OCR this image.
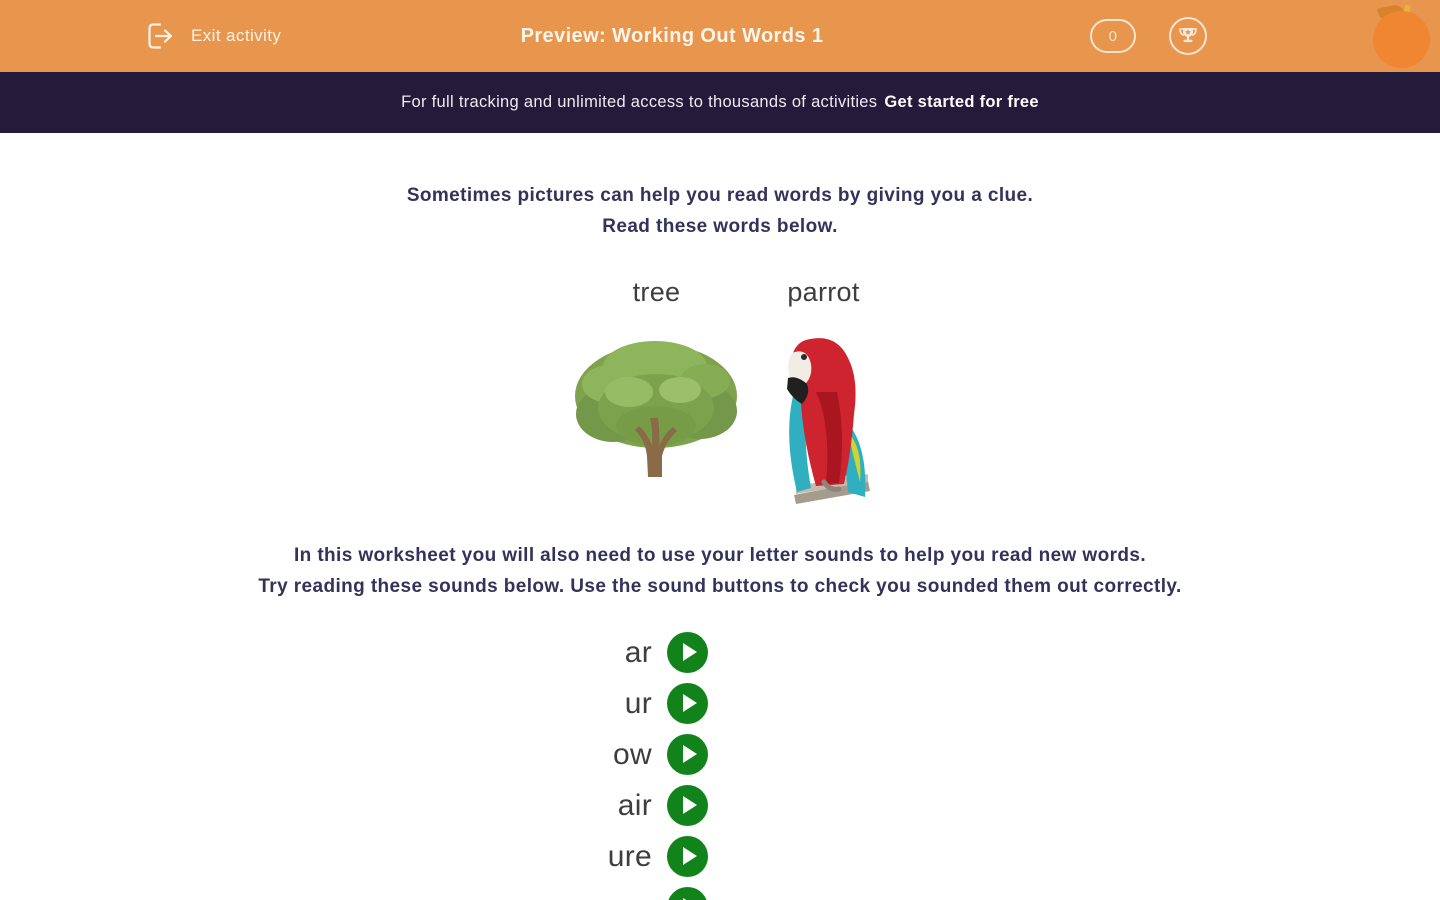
Exit activity	Preview: Working Out Words 1	0
For full tracking and unlimited access to thousands of activities Get started for free
Sometimes pictures can help you read words by giving you a clue.
Read these words below.
tree	parrot
In this worksheet you will also need to use your letter sounds to help you read new words.
Try reading these sounds below. Use the sound buttons to check you sounded them out correctly.
ar
ur
ow
air
ure
